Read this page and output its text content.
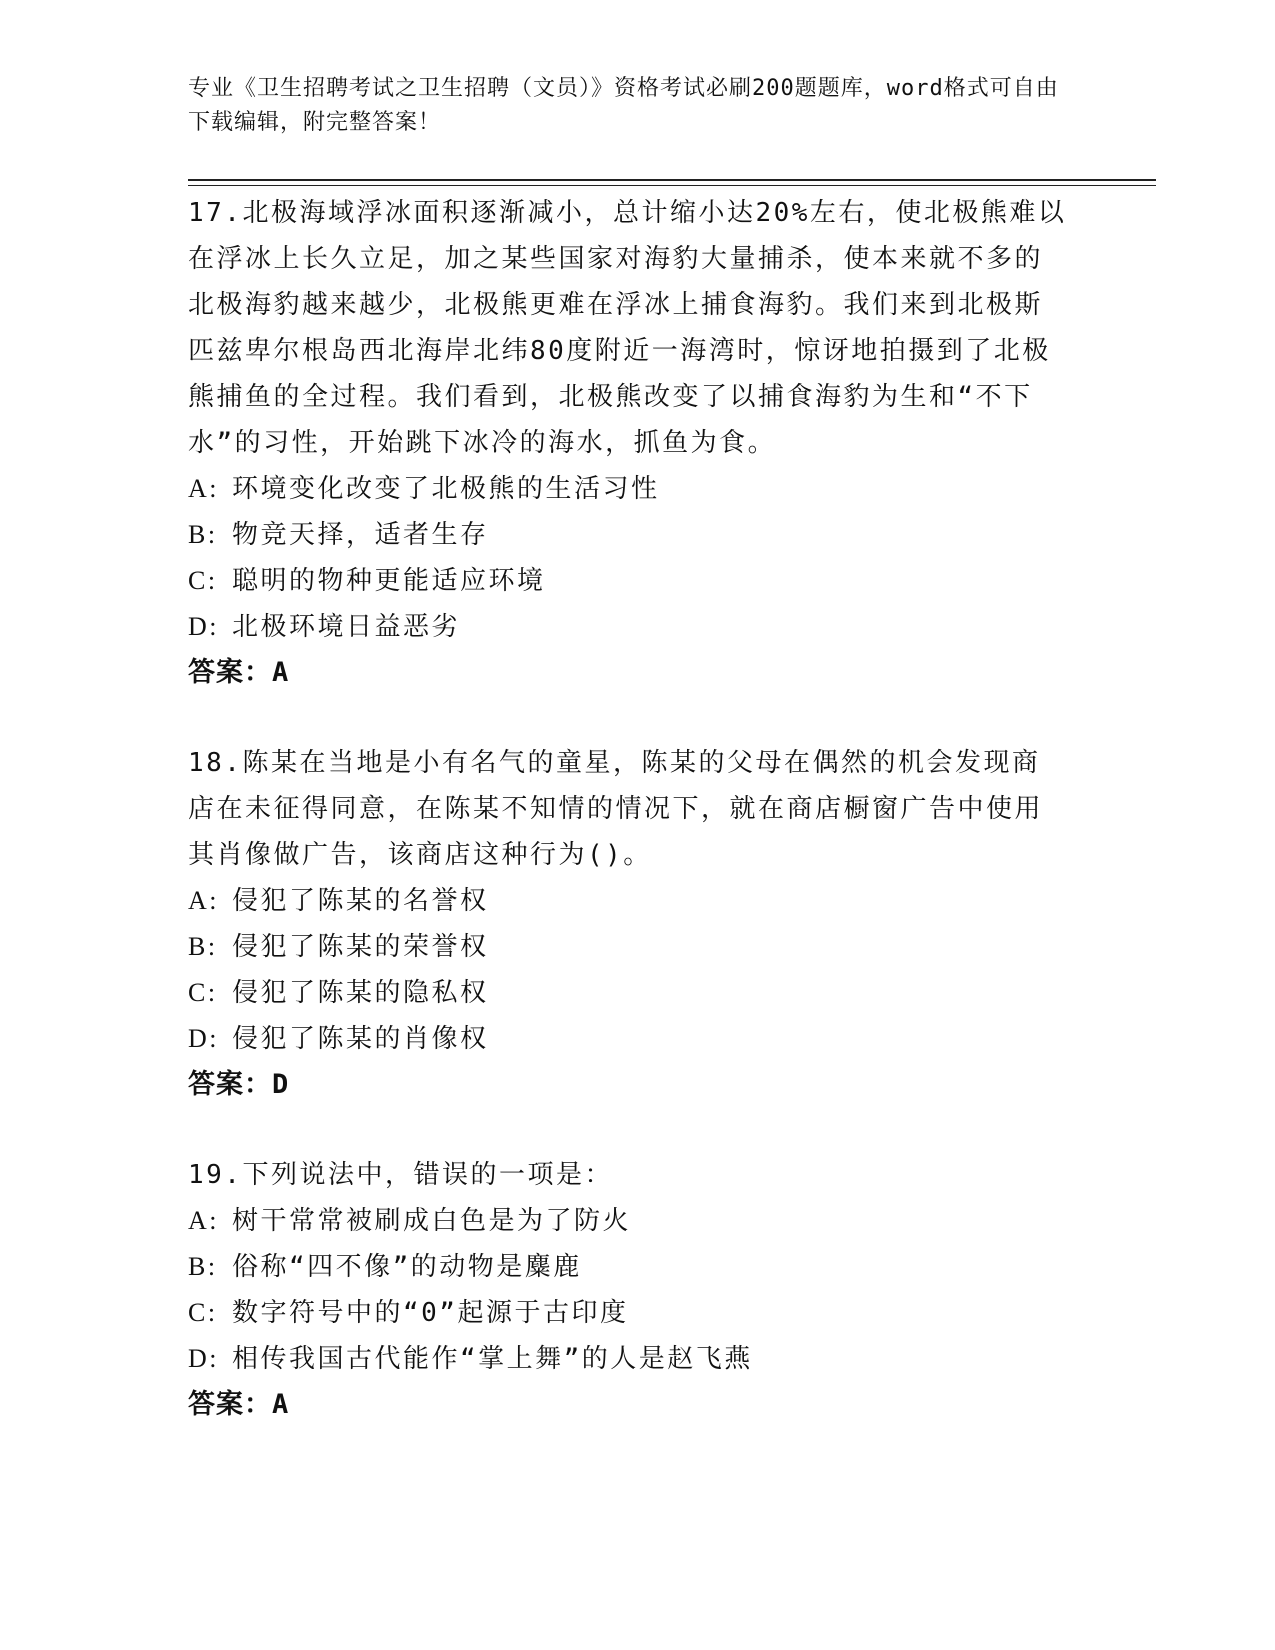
专业《卫生招聘考试之卫生招聘（文员）》资格考试必刷200题题库，word格式可自由下载编辑，附完整答案！
17.北极海域浮冰面积逐渐减小，总计缩小达20%左右，使北极熊难以在浮冰上长久立足，加之某些国家对海豹大量捕杀，使本来就不多的北极海豹越来越少，北极熊更难在浮冰上捕食海豹。我们来到北极斯匹兹卑尔根岛西北海岸北纬80度附近一海湾时，惊讶地拍摄到了北极熊捕鱼的全过程。我们看到，北极熊改变了以捕食海豹为生和“不下水”的习性，开始跳下冰冷的海水，抓鱼为食。
A: 环境变化改变了北极熊的生活习性
B: 物竞天择，适者生存
C: 聪明的物种更能适应环境
D: 北极环境日益恶劣
答案：A
18.陈某在当地是小有名气的童星，陈某的父母在偶然的机会发现商店在未征得同意，在陈某不知情的情况下，就在商店橱窗广告中使用其肖像做广告，该商店这种行为()。
A: 侵犯了陈某的名誉权
B: 侵犯了陈某的荣誉权
C: 侵犯了陈某的隐私权
D: 侵犯了陈某的肖像权
答案：D
19.下列说法中，错误的一项是：
A: 树干常常被刷成白色是为了防火
B: 俗称“四不像”的动物是麋鹿
C: 数字符号中的“0”起源于古印度
D: 相传我国古代能作“掌上舞”的人是赵飞燕
答案：A
